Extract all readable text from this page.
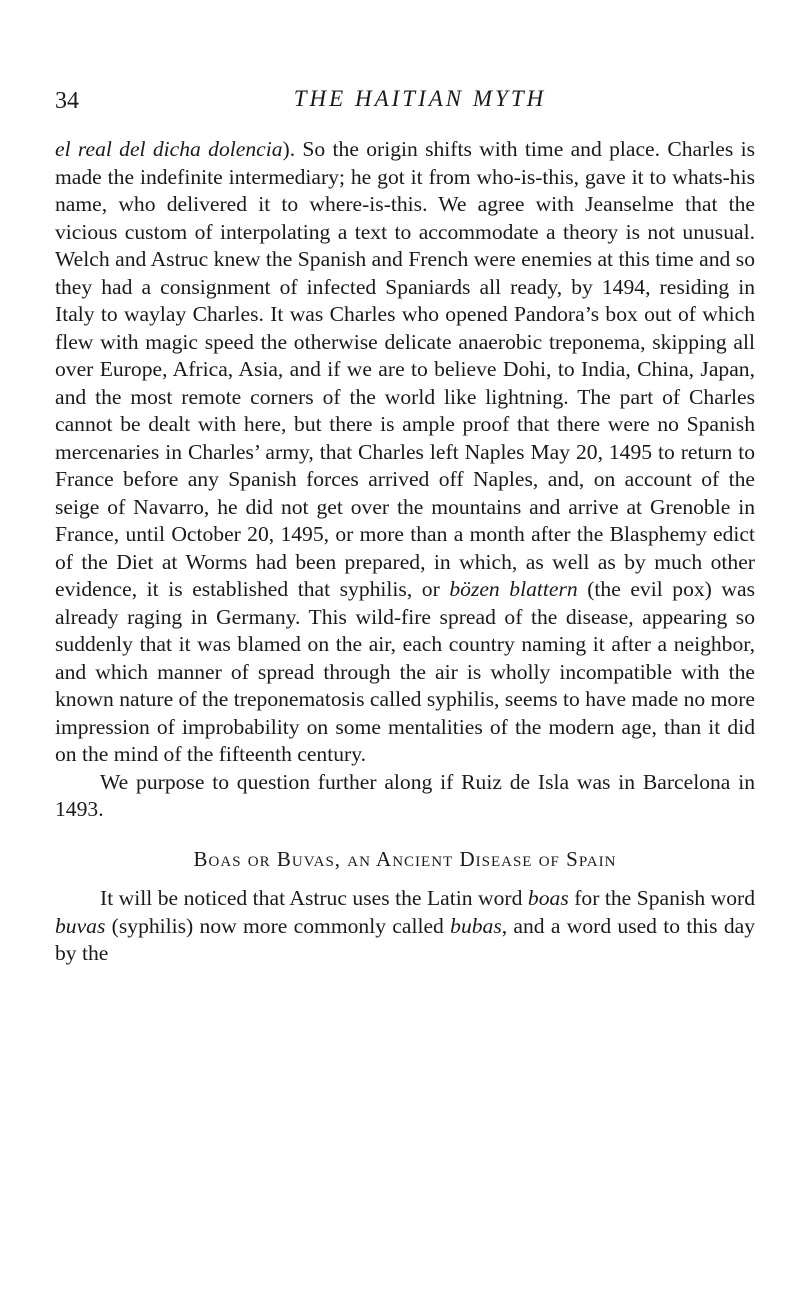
34	THE HAITIAN MYTH

el real del dicha dolencia). So the origin shifts with time and place. Charles is made the indefinite intermediary; he got it from who-is-this, gave it to whats-his name, who delivered it to where-is-this. We agree with Jeanselme that the vicious custom of interpolating a text to accommodate a theory is not unusual. Welch and Astruc knew the Spanish and French were enemies at this time and so they had a consignment of infected Spaniards all ready, by 1494, residing in Italy to waylay Charles. It was Charles who opened Pandora’s box out of which flew with magic speed the otherwise delicate anaerobic treponema, skipping all over Europe, Africa, Asia, and if we are to believe Dohi, to India, China, Japan, and the most remote corners of the world like lightning. The part of Charles cannot be dealt with here, but there is ample proof that there were no Spanish mercenaries in Charles’ army, that Charles left Naples May 20, 1495 to return to France before any Spanish forces arrived off Naples, and, on account of the seige of Navarro, he did not get over the mountains and arrive at Grenoble in France, until October 20, 1495, or more than a month after the Blasphemy edict of the Diet at Worms had been prepared, in which, as well as by much other evidence, it is established that syphilis, or bözen blattern (the evil pox) was already raging in Germany. This wild-fire spread of the disease, appearing so suddenly that it was blamed on the air, each country naming it after a neighbor, and which manner of spread through the air is wholly incompatible with the known nature of the treponematosis called syphilis, seems to have made no more impression of improbability on some mentalities of the modern age, than it did on the mind of the fifteenth century.

We purpose to question further along if Ruiz de Isla was in Barcelona in 1493.

Boas or Buvas, an Ancient Disease of Spain

It will be noticed that Astruc uses the Latin word boas for the Spanish word buvas (syphilis) now more commonly called bubas, and a word used to this day by the
